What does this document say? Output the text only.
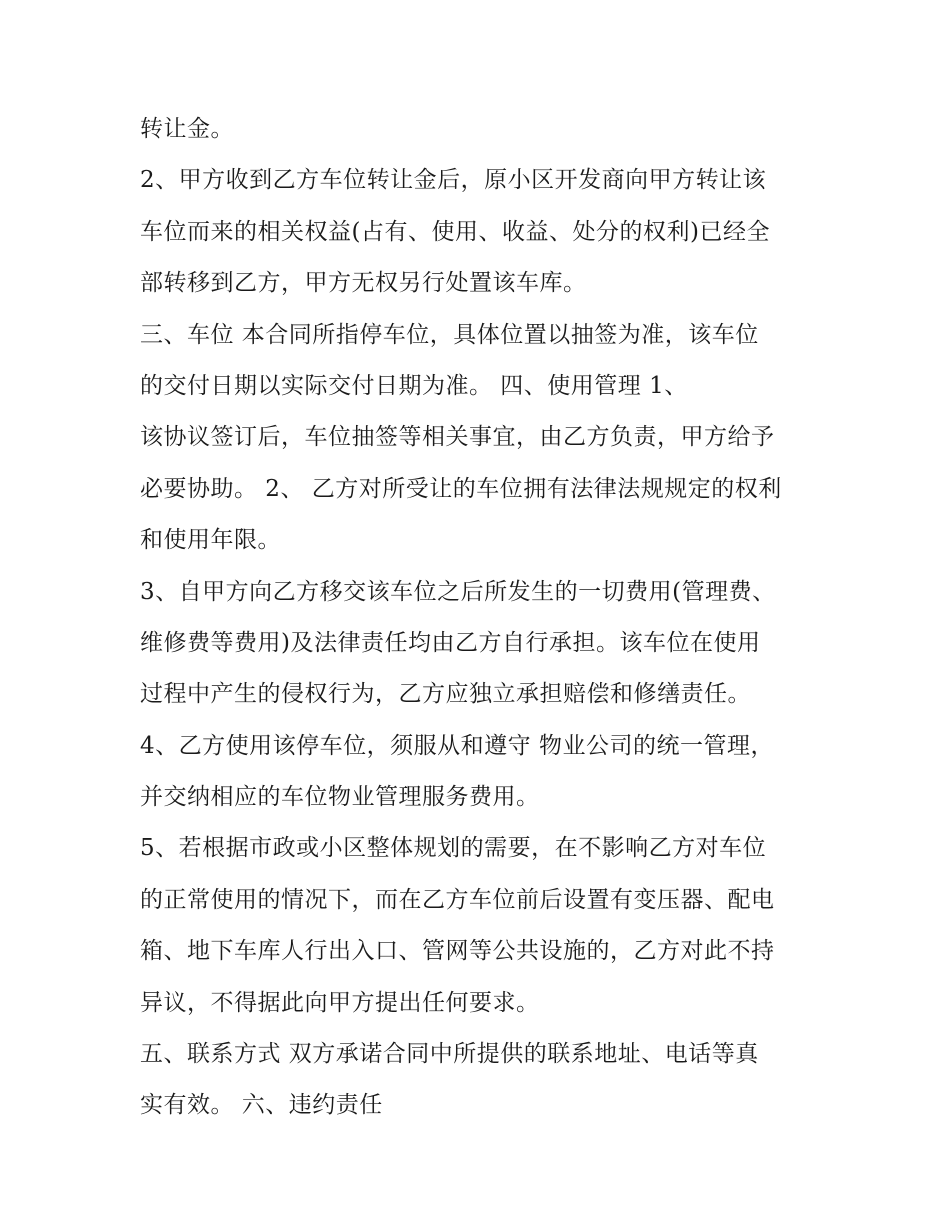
转让金。
2、甲方收到乙方车位转让金后，原小区开发商向甲方转让该
车位而来的相关权益(占有、使用、收益、处分的权利)已经全
部转移到乙方，甲方无权另行处置该车库。
三、车位 本合同所指停车位，具体位置以抽签为准，该车位
的交付日期以实际交付日期为准。 四、使用管理 1、
该协议签订后，车位抽签等相关事宜，由乙方负责，甲方给予
必要协助。 2、 乙方对所受让的车位拥有法律法规规定的权利
和使用年限。
3、自甲方向乙方移交该车位之后所发生的一切费用(管理费、
维修费等费用)及法律责任均由乙方自行承担。该车位在使用
过程中产生的侵权行为，乙方应独立承担赔偿和修缮责任。
4、乙方使用该停车位，须服从和遵守 物业公司的统一管理，
并交纳相应的车位物业管理服务费用。
5、若根据市政或小区整体规划的需要，在不影响乙方对车位
的正常使用的情况下，而在乙方车位前后设置有变压器、配电
箱、地下车库人行出入口、管网等公共设施的，乙方对此不持
异议，不得据此向甲方提出任何要求。
五、联系方式 双方承诺合同中所提供的联系地址、电话等真
实有效。 六、违约责任
